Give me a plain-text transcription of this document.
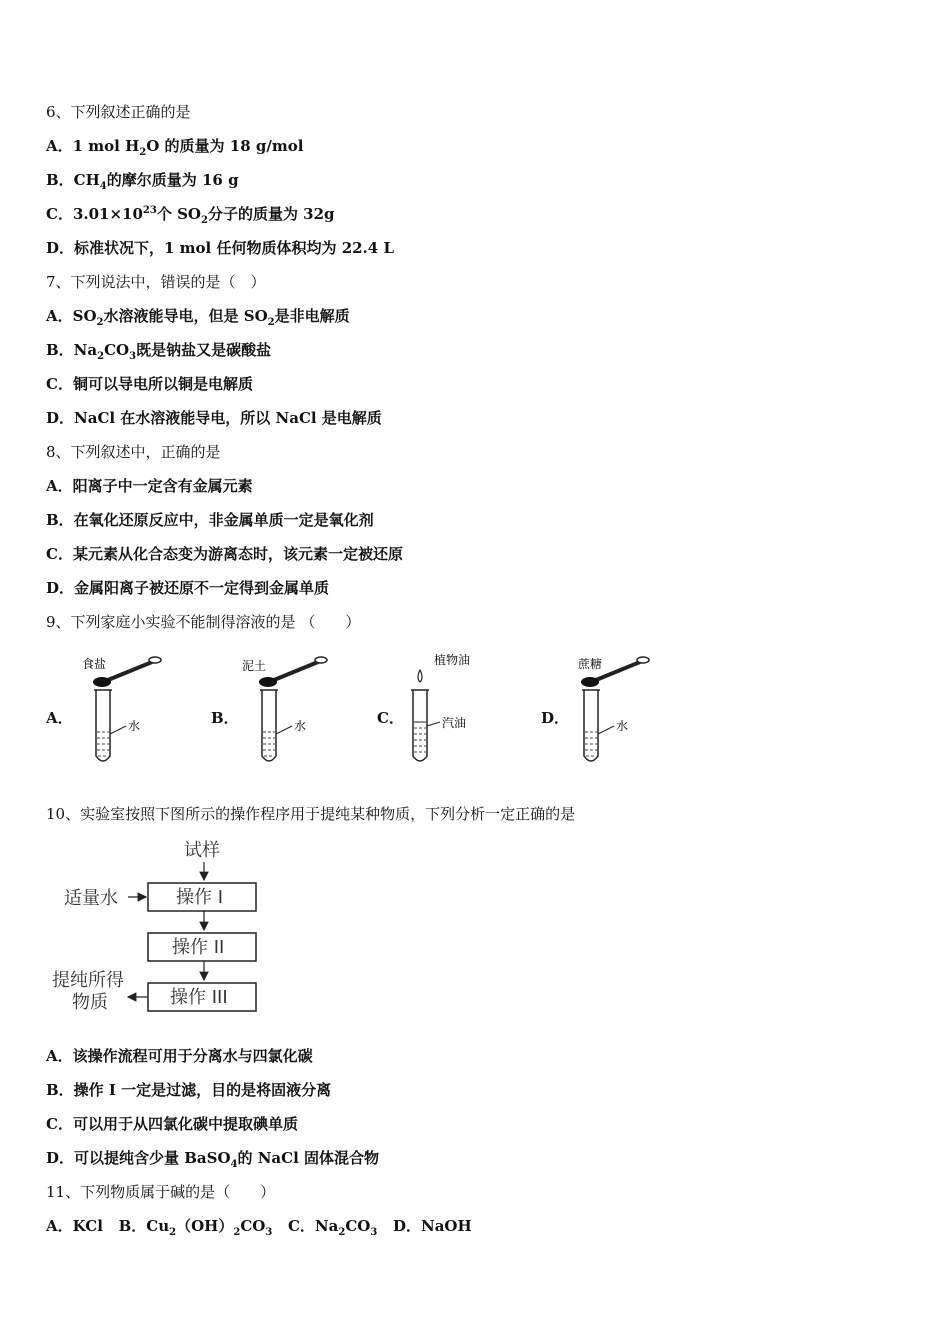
6、下列叙述正确的是
A．1 mol $H_2O$ 的质量为 18 g/mol
B．$CH_4$的摩尔质量为 16 g
C．$3.01\times 10^{23}$个 $SO_2$分子的质量为 32g
D．标准状况下，1 mol 任何物质体积均为 22.4 L
7、下列说法中，错误的是（　）
A．$SO_2$水溶液能导电，但是 $SO_2$是非电解质
B．$Na_2CO_3$既是钠盐又是碳酸盐
C．铜可以导电所以铜是电解质
D．NaCl 在水溶液能导电，所以 NaCl 是电解质
8、下列叙述中，正确的是
A．阳离子中一定含有金属元素
B．在氧化还原反应中，非金属单质一定是氧化剂
C．某元素从化合态变为游离态时，该元素一定被还原
D．金属阳离子被还原不一定得到金属单质
9、下列家庭小实验不能制得溶液的是 （　　）
A．
食盐
水	B．
泥土
水	C．
植物油
汽油	D．
蔗糖
水
10、实验室按照下图所示的操作程序用于提纯某种物质，下列分析一定正确的是
试样
适量水	操作 I
操作 II
操作 III
提纯所得
物质
A．该操作流程可用于分离水与四氯化碳
B．操作 I 一定是过滤，目的是将固液分离
C．可以用于从四氯化碳中提取碘单质
D．可以提纯含少量 BaSO$_4$的 NaCl 固体混合物
11、下列物质属于碱的是（　　）
A．KCl B．$Cu_2(OH)_2CO_3$ C．$Na_2CO_3$ D．NaOH
